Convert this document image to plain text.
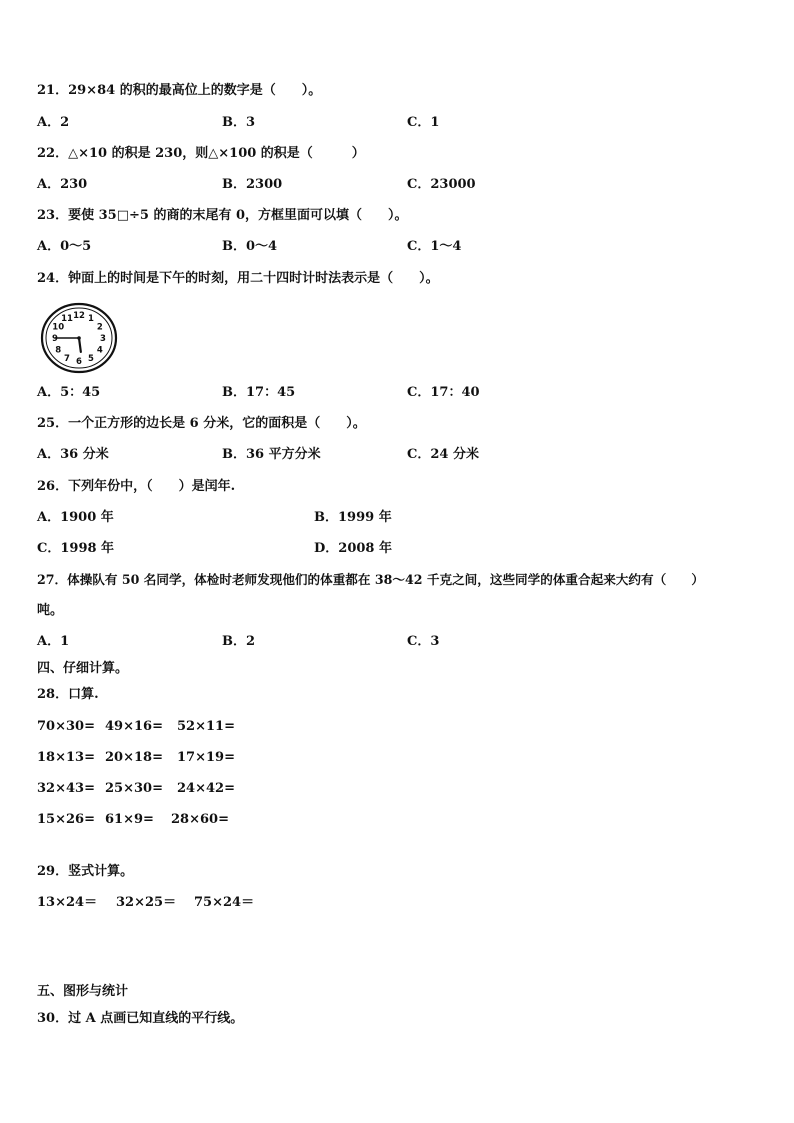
21．29×84 的积的最高位上的数字是（　　）。
A．2	B．3	C．1
22．△×10 的积是 230，则△×100 的积是（　　　）
A．230	B．2300	C．23000
23．要使 35□÷5 的商的末尾有 0，方框里面可以填（　　）。
A．0～5	B．0～4	C．1～4
24．钟面上的时间是下午的时刻，用二十四时计时法表示是（　　）。
12 1
2
3
4
5
6
7
8
9
10
11
A．5：45	B．17：45	C．17：40
25．一个正方形的边长是 6 分米，它的面积是（　　）。
A．36 分米	B．36 平方分米	C．24 分米
26．下列年份中，（　　）是闰年.
A．1900 年	B．1999 年
C．1998 年	D．2008 年
27．体操队有 50 名同学，体检时老师发现他们的体重都在 38～42 千克之间，这些同学的体重合起来大约有（　　）
吨。
A．1	B．2	C．3
四、仔细计算。
28．口算.
70×30= 49×16= 52×11=
18×13= 20×18= 17×19=
32×43= 25×30= 24×42=
15×26= 61×9= 28×60=
29．竖式计算。
13×24＝ 32×25＝ 75×24＝
五、图形与统计
30．过 A 点画已知直线的平行线。
